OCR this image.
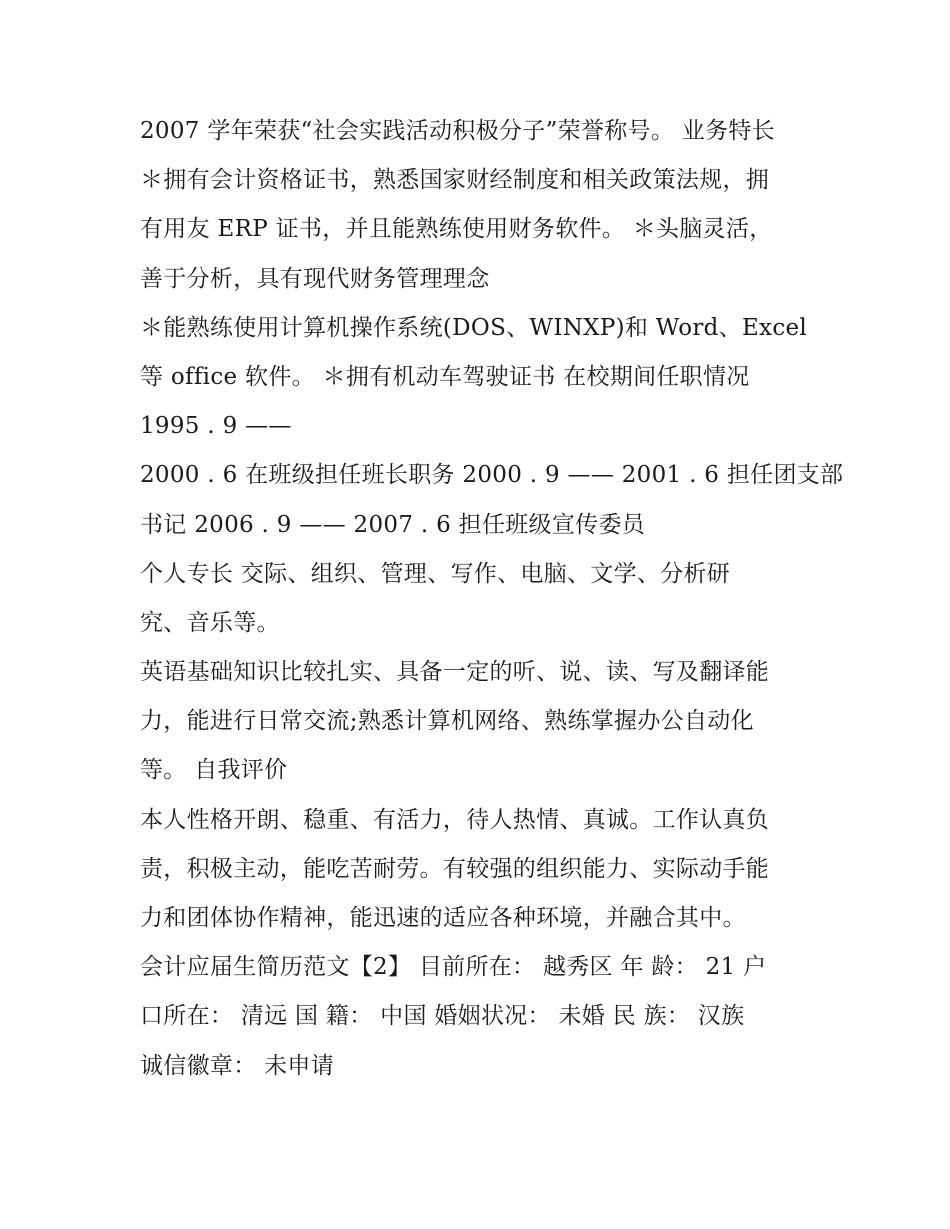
2007 学年荣获“社会实践活动积极分子”荣誉称号。 业务特长
＊拥有会计资格证书，熟悉国家财经制度和相关政策法规，拥
有用友 ERP 证书，并且能熟练使用财务软件。 ＊头脑灵活，
善于分析，具有现代财务管理理念
＊能熟练使用计算机操作系统(DOS、WINXP)和 Word、Excel
等 office 软件。 ＊拥有机动车驾驶证书 在校期间任职情况
1995 . 9 ——
2000 . 6 在班级担任班长职务 2000 . 9 —— 2001 . 6 担任团支部
书记 2006 . 9 —— 2007 . 6 担任班级宣传委员
个人专长 交际、组织、管理、写作、电脑、文学、分析研
究、音乐等。
英语基础知识比较扎实、具备一定的听、说、读、写及翻译能
力，能进行日常交流;熟悉计算机网络、熟练掌握办公自动化
等。 自我评价
本人性格开朗、稳重、有活力，待人热情、真诚。工作认真负
责，积极主动，能吃苦耐劳。有较强的组织能力、实际动手能
力和团体协作精神，能迅速的适应各种环境，并融合其中。
会计应届生简历范文【2】 目前所在： 越秀区 年 龄： 21 户
口所在： 清远 国 籍： 中国 婚姻状况： 未婚 民 族： 汉族
诚信徽章： 未申请
